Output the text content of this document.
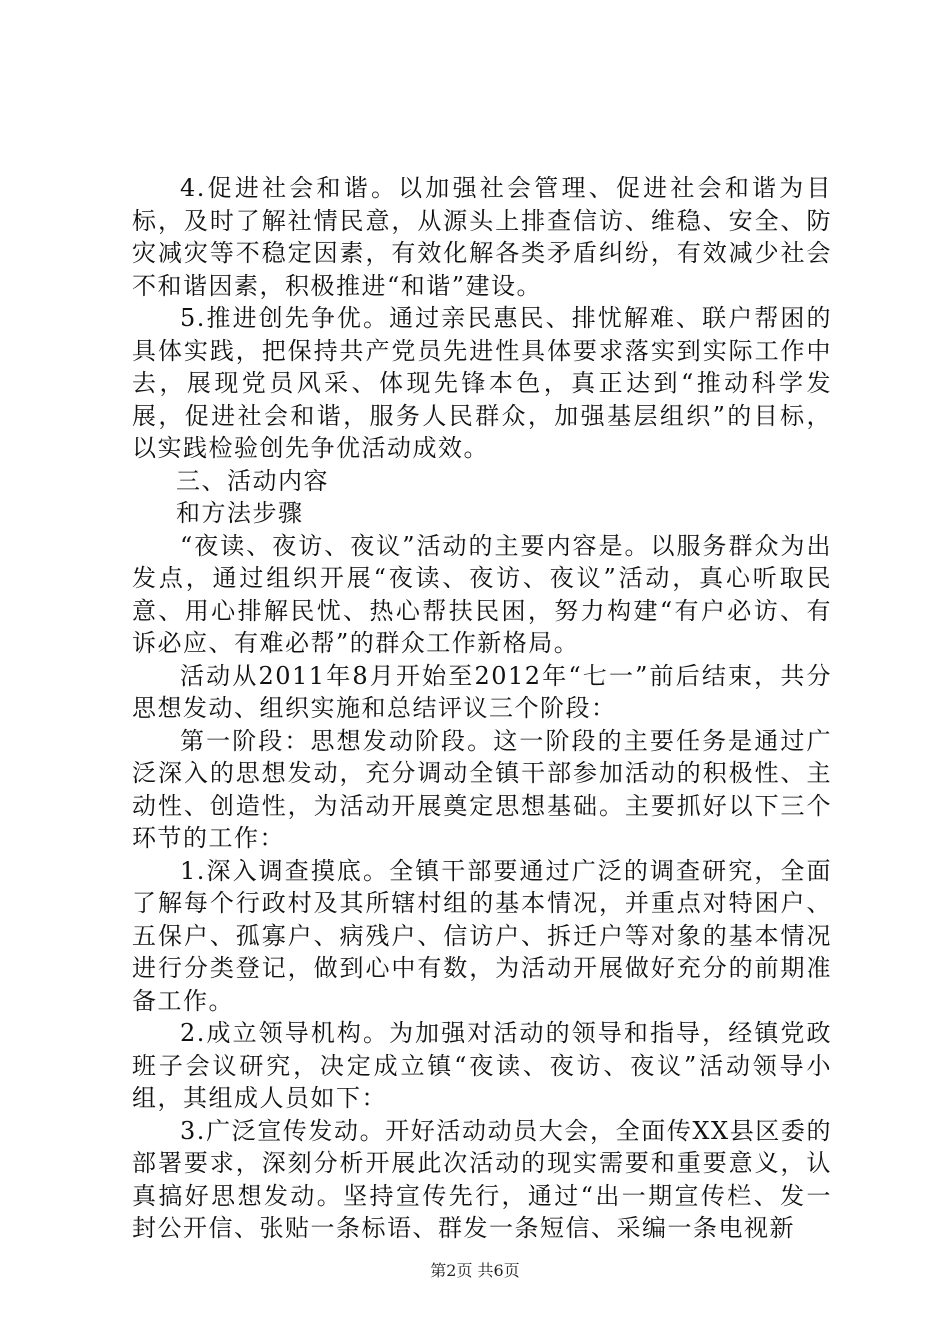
4.促进社会和谐。以加强社会管理、促进社会和谐为目标，及时了解社情民意，从源头上排查信访、维稳、安全、防灾减灾等不稳定因素，有效化解各类矛盾纠纷，有效减少社会不和谐因素，积极推进“和谐”建设。

5.推进创先争优。通过亲民惠民、排忧解难、联户帮困的具体实践，把保持共产党员先进性具体要求落实到实际工作中去，展现党员风采、体现先锋本色，真正达到“推动科学发展，促进社会和谐，服务人民群众，加强基层组织”的目标，以实践检验创先争优活动成效。

三、活动内容

和方法步骤

“夜读、夜访、夜议”活动的主要内容是。以服务群众为出发点，通过组织开展“夜读、夜访、夜议”活动，真心听取民意、用心排解民忧、热心帮扶民困，努力构建“有户必访、有诉必应、有难必帮”的群众工作新格局。

活动从2011年8月开始至2012年“七一”前后结束，共分思想发动、组织实施和总结评议三个阶段：

第一阶段：思想发动阶段。这一阶段的主要任务是通过广泛深入的思想发动，充分调动全镇干部参加活动的积极性、主动性、创造性，为活动开展奠定思想基础。主要抓好以下三个环节的工作：

1.深入调查摸底。全镇干部要通过广泛的调查研究，全面了解每个行政村及其所辖村组的基本情况，并重点对特困户、五保户、孤寡户、病残户、信访户、拆迁户等对象的基本情况进行分类登记，做到心中有数，为活动开展做好充分的前期准备工作。

2.成立领导机构。为加强对活动的领导和指导，经镇党政班子会议研究，决定成立镇“夜读、夜访、夜议”活动领导小组，其组成人员如下：

3.广泛宣传发动。开好活动动员大会，全面传XX县区委的部署要求，深刻分析开展此次活动的现实需要和重要意义，认真搞好思想发动。坚持宣传先行，通过“出一期宣传栏、发一封公开信、张贴一条标语、群发一条短信、采编一条电视新

第2页 共6页
